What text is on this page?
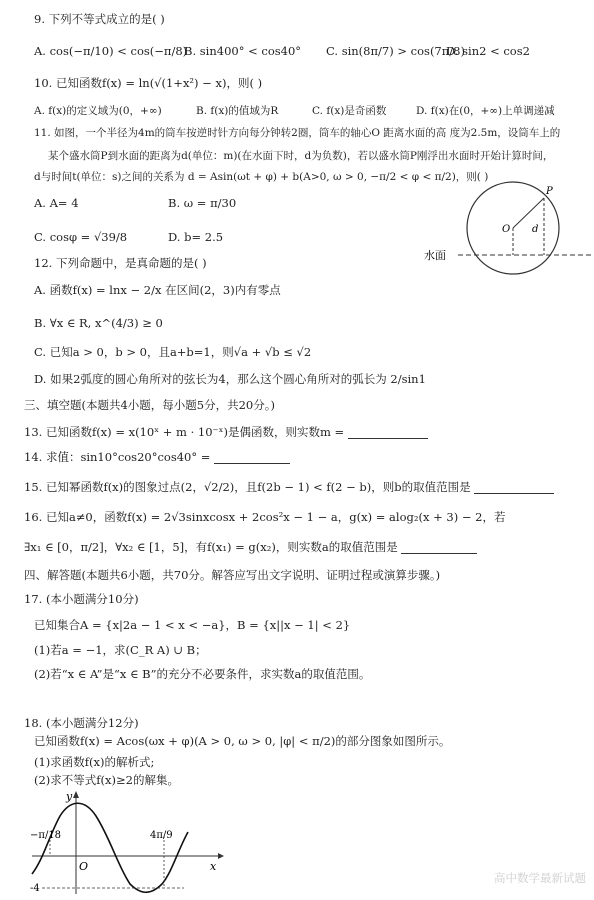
9. 下列不等式成立的是( )
A. cos(−π/10) < cos(−π/8)
B. sin400° < cos40° C. sin(8π/7) > cos(7π/8)
D. sin2 < cos2
10. 已知函数f(x) = ln(√(1+x²) − x)，则( )
A. f(x)的定义域为(0，+∞)	B. f(x)的值域为R	C. f(x)是奇函数	D. f(x)在(0，+∞)上单调递减
11. 如图，一个半径为4m的筒车按逆时针方向每分钟转2圈，筒车的轴心O 距离水面的高 度为2.5m，设筒车上的
某个盛水筒P到水面的距离为d(单位：m)(在水面下时，d为负数)，若以盛水筒P刚浮出水面时开始计算时间，
d与时间t(单位：s)之间的关系为 d = Asin(ωt + φ) + b(A>0, ω > 0, −π/2 < φ < π/2)，则( )
A. A= 4	B. ω = π/30
C. cosφ = √39/8	D. b= 2.5
P
O d
水面
12. 下列命题中，是真命题的是( )
A. 函数f(x) = lnx − 2/x 在区间(2，3)内有零点
B. ∀x ∈ R, x^(4/3) ≥ 0
C. 已知a > 0，b > 0，且a+b=1，则√a + √b ≤ √2
D. 如果2弧度的圆心角所对的弦长为4，那么这个圆心角所对的弧长为 2/sin1
三、填空题(本题共4小题，每小题5分，共20分。)
13. 已知函数f(x) = x(10ˣ + m · 10⁻ˣ)是偶函数，则实数m =
14. 求值：sin10°cos20°cos40° =
15. 已知幂函数f(x)的图象过点(2，√2/2)，且f(2b − 1) < f(2 − b)，则b的取值范围是
16. 已知a≠0，函数f(x) = 2√3sinxcosx + 2cos²x − 1 − a，g(x) = alog₂(x + 3) − 2，若
∃x₁ ∈ [0，π/2]，∀x₂ ∈ [1，5]，有f(x₁) = g(x₂)，则实数a的取值范围是
四、解答题(本题共6小题，共70分。解答应写出文字说明、证明过程或演算步骤。)
17. (本小题满分10分)
已知集合A = {x|2a − 1 < x < −a}，B = {x||x − 1| < 2}
(1)若a = −1，求(C_R A) ∪ B；
(2)若“x ∈ A”是“x ∈ B”的充分不必要条件，求实数a的取值范围。
18. (本小题满分12分)
已知函数f(x) = Acos(ωx + φ)(A > 0, ω > 0, |φ| < π/2)的部分图象如图所示。
(1)求函数f(x)的解析式;
(2)求不等式f(x)≥2的解集。
y
x
O
−π/18	4π/9
-4
高中数学最新试题
